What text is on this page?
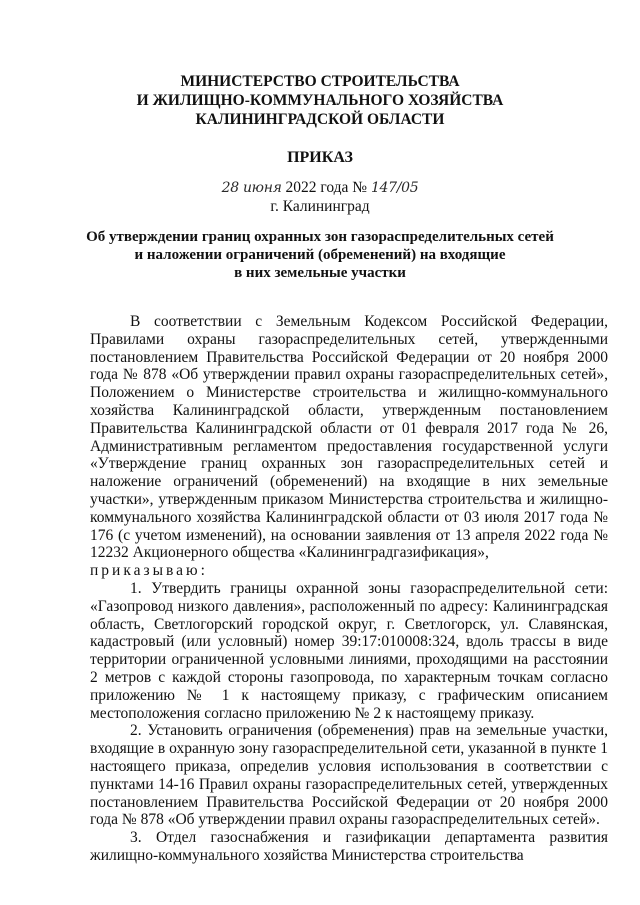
МИНИСТЕРСТВО СТРОИТЕЛЬСТВА
И ЖИЛИЩНО-КОММУНАЛЬНОГО ХОЗЯЙСТВА
КАЛИНИНГРАДСКОЙ ОБЛАСТИ
ПРИКАЗ
28 июня 2022 года № 147/05
г. Калининград
Об утверждении границ охранных зон газораспределительных сетей
и наложении ограничений (обременений) на входящие
в них земельные участки

В соответствии с Земельным Кодексом Российской Федерации, Правилами охраны газораспределительных сетей, утвержденными постановлением Правительства Российской Федерации от 20 ноября 2000 года № 878 «Об утверждении правил охраны газораспределительных сетей», Положением о Министерстве строительства и жилищно-коммунального хозяйства Калининградской области, утвержденным постановлением Правительства Калининградской области от 01 февраля 2017 года № 26, Административным регламентом предоставления государственной услуги «Утверждение границ охранных зон газораспределительных сетей и наложение ограничений (обременений) на входящие в них земельные участки», утвержденным приказом Министерства строительства и жилищно-коммунального хозяйства Калининградской области от 03 июля 2017 года № 176 (с учетом изменений), на основании заявления от 13 апреля 2022 года № 12232 Акционерного общества «Калининградгазификация»,

приказываю:

1. Утвердить границы охранной зоны газораспределительной сети: «Газопровод низкого давления», расположенный по адресу: Калининградская область, Светлогорский городской округ, г. Светлогорск, ул. Славянская, кадастровый (или условный) номер 39:17:010008:324, вдоль трассы в виде территории ограниченной условными линиями, проходящими на расстоянии 2 метров с каждой стороны газопровода, по характерным точкам согласно приложению № 1 к настоящему приказу, с графическим описанием местоположения согласно приложению № 2 к настоящему приказу.

2. Установить ограничения (обременения) прав на земельные участки, входящие в охранную зону газораспределительной сети, указанной в пункте 1 настоящего приказа, определив условия использования в соответствии с пунктами 14-16 Правил охраны газораспределительных сетей, утвержденных постановлением Правительства Российской Федерации от 20 ноября 2000 года № 878 «Об утверждении правил охраны газораспределительных сетей».

3. Отдел газоснабжения и газификации департамента развития жилищно-коммунального хозяйства Министерства строительства
